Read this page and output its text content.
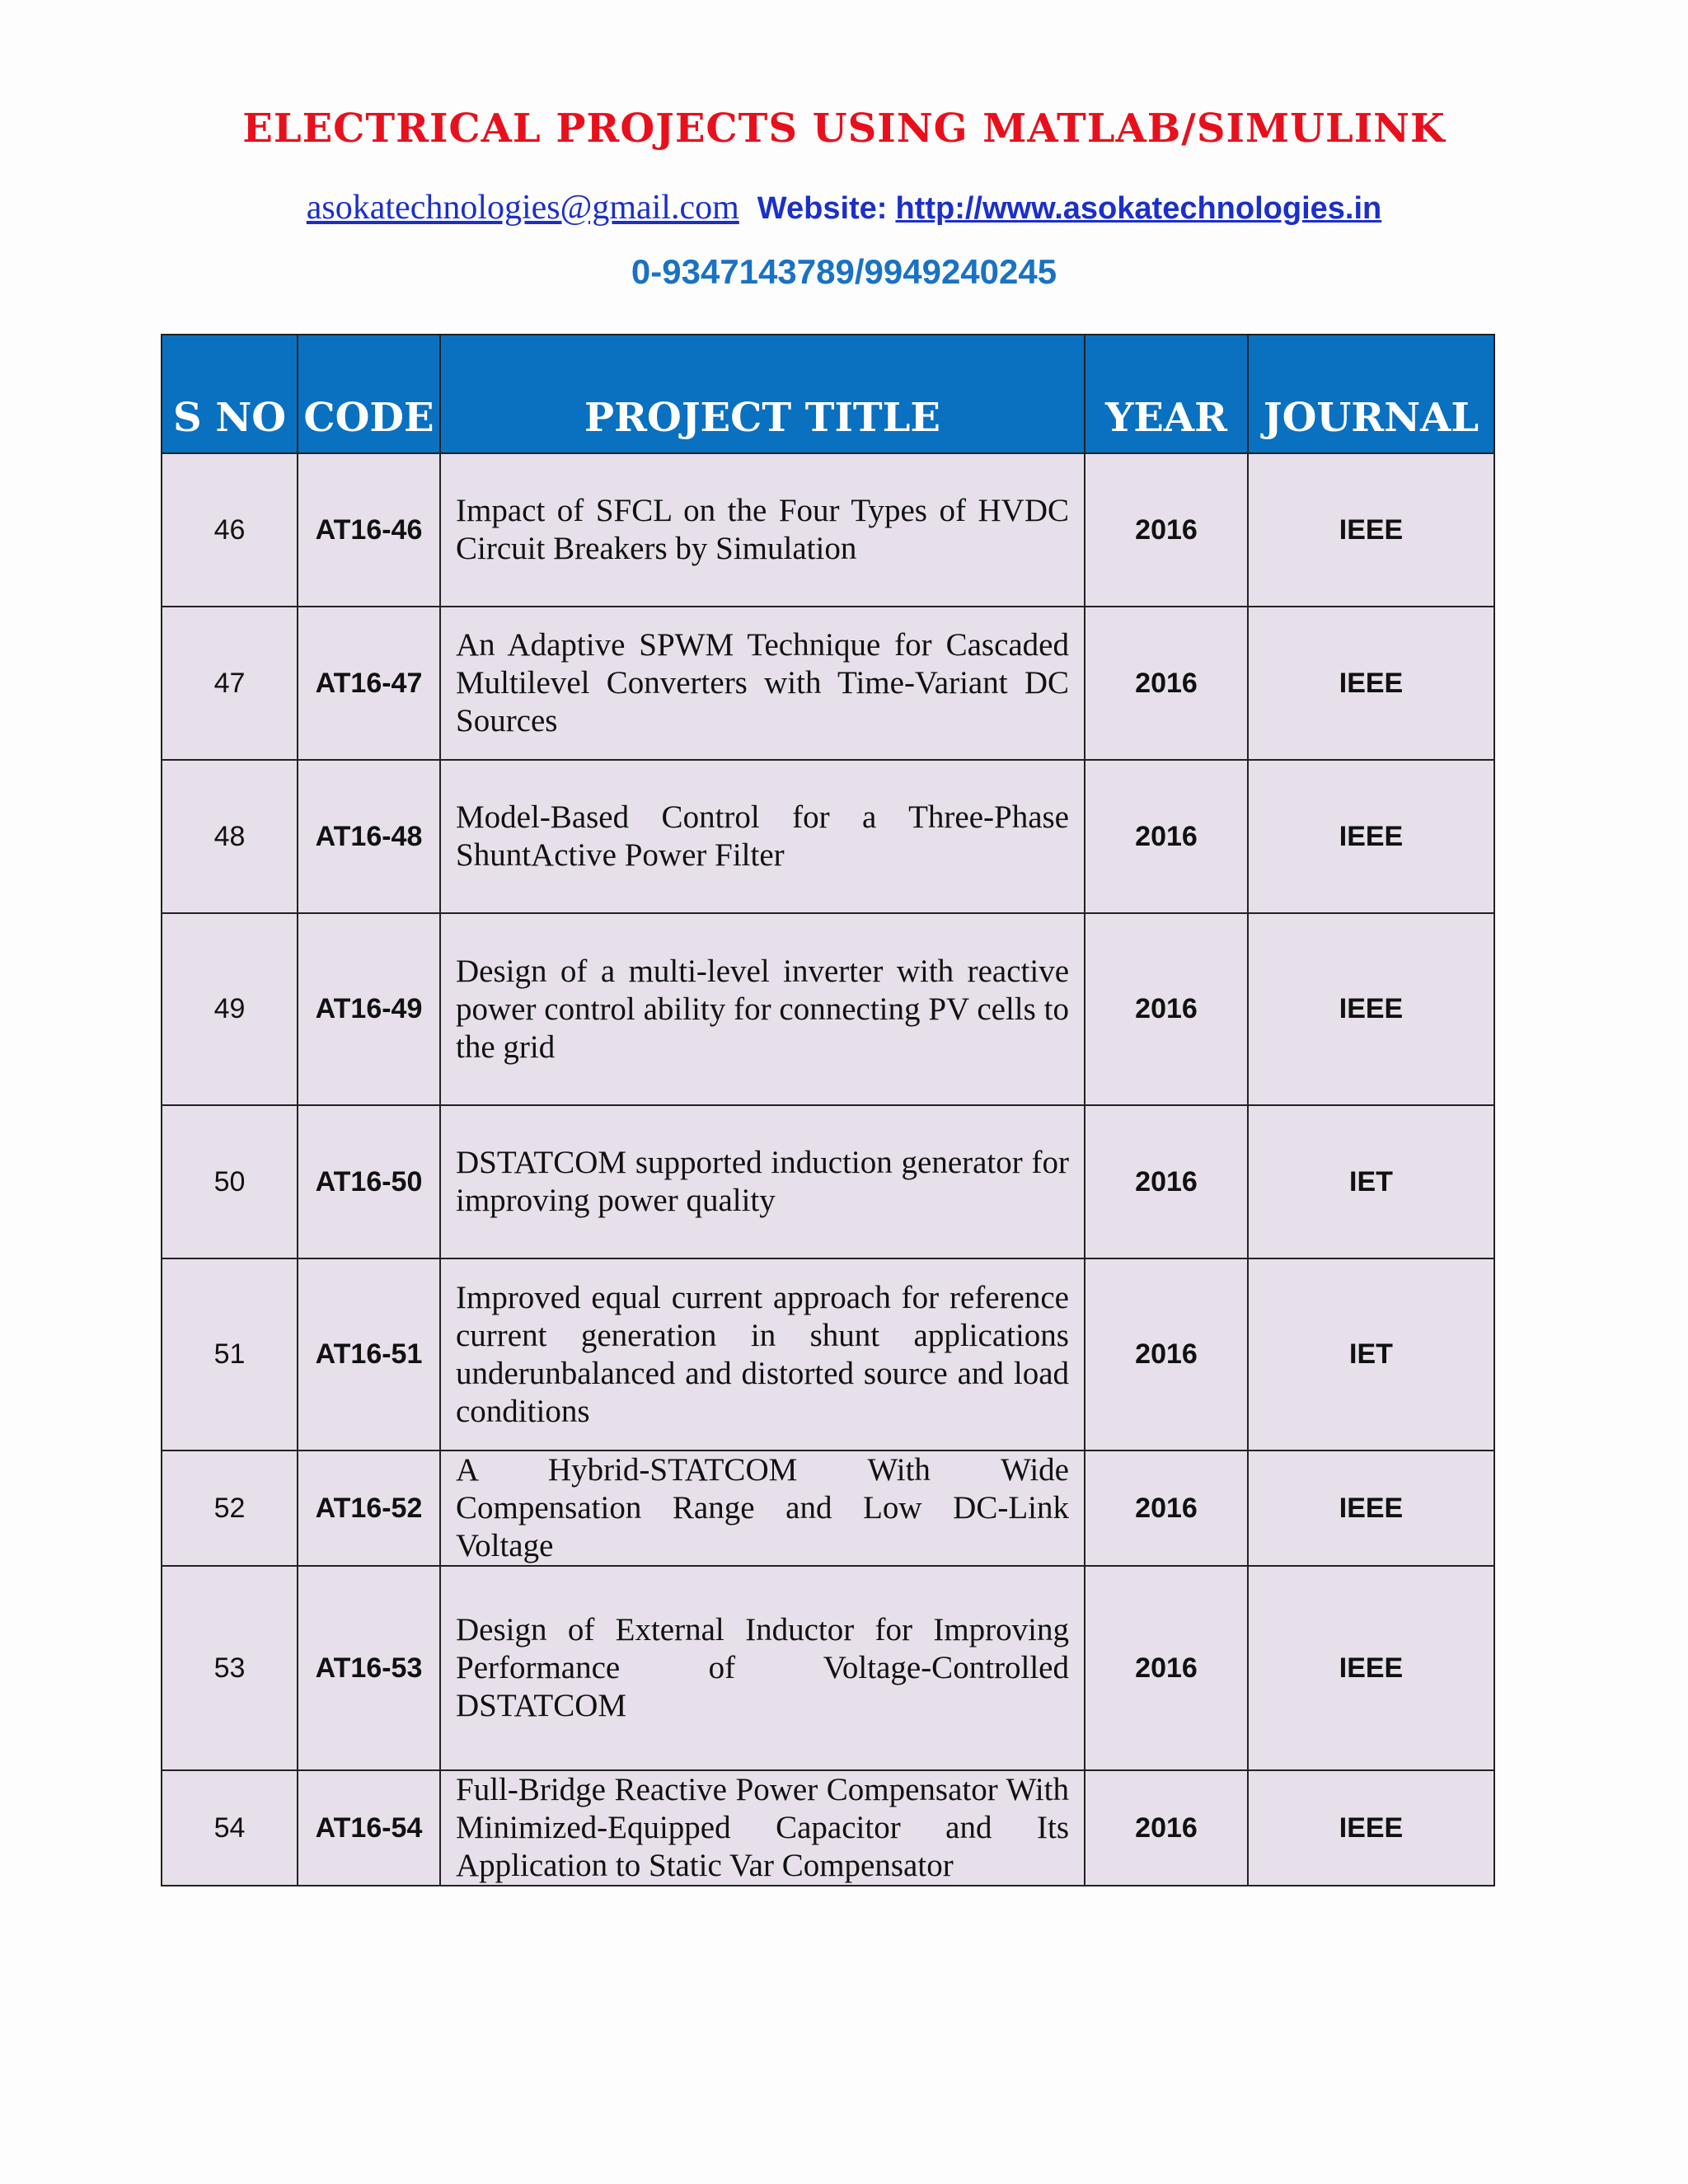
ELECTRICAL PROJECTS USING MATLAB/SIMULINK
asokatechnologies@gmail.com Website: http://www.asokatechnologies.in
0-9347143789/9949240245
S NO	CODE	PROJECT TITLE	YEAR	JOURNAL
46	AT16-46	Impact of SFCL on the Four Types of HVDC Circuit Breakers by Simulation	2016	IEEE
47	AT16-47	An Adaptive SPWM Technique for Cascaded Multilevel Converters with Time-Variant DC Sources	2016	IEEE
48	AT16-48	Model-Based Control for a Three-Phase ShuntActive Power Filter	2016	IEEE
49	AT16-49	Design of a multi-level inverter with reactive power control ability for connecting PV cells to the grid	2016	IEEE
50	AT16-50	DSTATCOM supported induction generator for improving power quality	2016	IET
51	AT16-51	Improved equal current approach for reference current generation in shunt applications underunbalanced and distorted source and load conditions	2016	IET
52	AT16-52	A Hybrid-STATCOM With Wide Compensation Range and Low DC-Link Voltage	2016	IEEE
53	AT16-53	Design of External Inductor for Improving Performance of Voltage-Controlled DSTATCOM	2016	IEEE
54	AT16-54	Full-Bridge Reactive Power Compensator With Minimized-Equipped Capacitor and Its Application to Static Var Compensator	2016	IEEE
